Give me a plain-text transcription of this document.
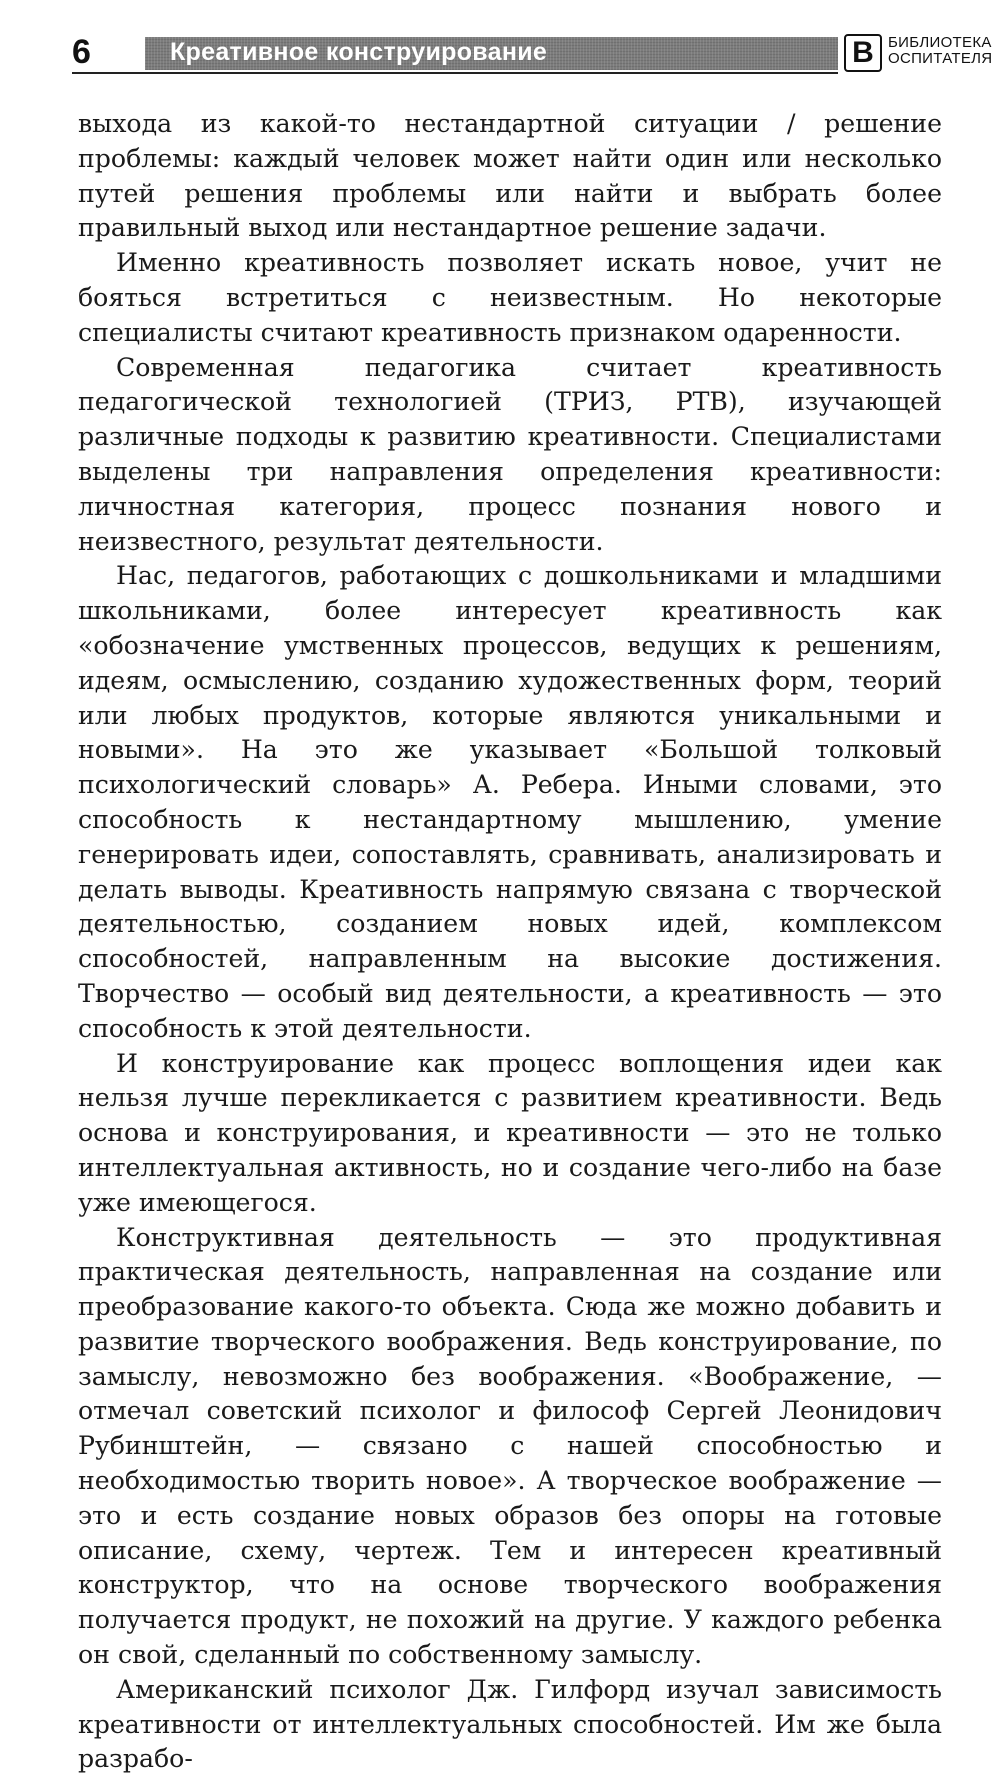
6	Креативное конструирование	В БИБЛИОТЕКА
ОСПИТАТЕЛЯ

выхода из какой-то нестандартной ситуации / решение проблемы: каждый человек может найти один или несколько путей решения проблемы или найти и выбрать более правильный выход или нестандартное решение задачи.

Именно креативность позволяет искать новое, учит не бояться встретиться с неизвестным. Но некоторые специалисты считают креативность признаком одаренности.

Современная педагогика считает креативность педагогической технологией (ТРИЗ, РТВ), изучающей различные подходы к развитию креативности. Специалистами выделены три направления определения креативности: личностная категория, процесс познания нового и неизвестного, результат деятельности.

Нас, педагогов, работающих с дошкольниками и младшими школьниками, более интересует креативность как «обозначение умственных процессов, ведущих к решениям, идеям, осмыслению, созданию художественных форм, теорий или любых продуктов, которые являются уникальными и новыми». На это же указывает «Большой толковый психологический словарь» А. Ребера. Иными словами, это способность к нестандартному мышлению, умение генерировать идеи, сопоставлять, сравнивать, анализировать и делать выводы. Креативность напрямую связана с творческой деятельностью, созданием новых идей, комплексом способностей, направленным на высокие достижения. Творчество — особый вид деятельности, а креативность — это способность к этой деятельности.

И конструирование как процесс воплощения идеи как нельзя лучше перекликается с развитием креативности. Ведь основа и конструирования, и креативности — это не только интеллектуальная активность, но и создание чего-либо на базе уже имеющегося.

Конструктивная деятельность — это продуктивная практическая деятельность, направленная на создание или преобразование какого-то объекта. Сюда же можно добавить и развитие творческого воображения. Ведь конструирование, по замыслу, невозможно без воображения. «Воображение, — отмечал советский психолог и философ Сергей Леонидович Рубинштейн, — связано с нашей способностью и необходимостью творить новое». А творческое воображение — это и есть создание новых образов без опоры на готовые описание, схему, чертеж. Тем и интересен креативный конструктор, что на основе творческого воображения получается продукт, не похожий на другие. У каждого ребенка он свой, сделанный по собственному замыслу.

Американский психолог Дж. Гилфорд изучал зависимость креативности от интеллектуальных способностей. Им же была разрабо-
